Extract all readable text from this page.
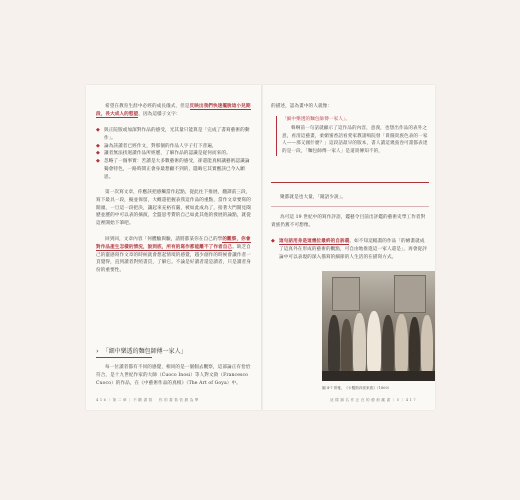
希望在教育生涯中必經的成長儀式，但是反映出我們快速擺脫這小兒期段，長大成人的慾望，因為這樣子文字：

◆ 與正院版或加深對作品的感受，光其量只能算是「完成了書寫藝術的動作」。

◆ 論為該讀者已經作文，對那個的作品人字子打下普遍，

◆ 讓者無法找迴讀作品所經歷，了解作品的認識是從何而來的。

◆ 忽略了一個事實：苦讀是大多數藝術的感受，卻還能真相讓藝術認識論獨會特色，一路時間正會身最想顧不到的，隱晦它其實應該已今入願思。

第一次寫文章，你應該把感觸當作起點，從此往下推展，翻譯前三段，寫下最具一段，擬並保留，大概還把握表我這作品的重點，當作文章要寫的開頭，一旦這一段把決，讓起來充裕有嚴，被如此成為了，接著大門開見閱歷並歷的中可以表的摘演，全盤思考費的自己如此其他的發展的論點，就從這裡開始下筆吧。

回到回，文章內容「何體驗與驗，請將都某你在自己的學的觀察，你會對作品產生怎樣的情況，說到底，所有的寫作都能離不了作者自己。缺乏自己的靈感寫作文章的時候就會想起情境的感覺，越少創作的時候會讓作者一頁覺得，直到讀者對照書頁，了解它。不論是好讀者還是讀者，只是讀者身份的重要性。

› 「細中樂透的麵包師傅一家人」

每一位讀者都有不同的感覺，相同的是一個個去觀察，這部論正有恰恰符合，是十九世紀作家的大師（Cuoco Inosi）等人對文敘（Francesco Cuoco）的作品，在《中藝術作品的真相》（The Art of Goya）中。

4 1 6 ｜ 第 二 章 ｜ 不 斷 書 寫 　 你 的 書 寫 依 據 為 準

的描述，認為畫中的人就像：

「細中樂透的麵包師傅一家人」。

韓啊前一句話就顧示了這作品的內容，意義，也想出作品的表外之意，看清這藝畫，柔媚蜜香語看愛家教諸鳴院發「貴賤貴族色表的一家人——那又國什麼？」這段話最早的版本，書人讀這幾張卷可畫都表達的是一段，「麵包師傅一家人」是道貴傳知不的，

聚都就是也大量，「鏡語少說」。

為可這 19 世紀中的寫作評語，鑑藝令目前出評鑑的藝術史學工作者對貴族仍舊不可想像。

◆ 這句話用身是這幾位最終的自訴義，如不知這幅畫的作品「的繪畫就成了這真外在形成的藝術的觀點，可自由地推進這一家人還是」，再會從評論中可以表現的深入描寫的細節的人生活的在描寫方式。

圖 4-7 哥雅，《卡羅斯四世家族》（1800）
這 樣 讀 名 作 正 在 的 藝 術 藏 書 ｜ 5 ｜ 4 1 7
